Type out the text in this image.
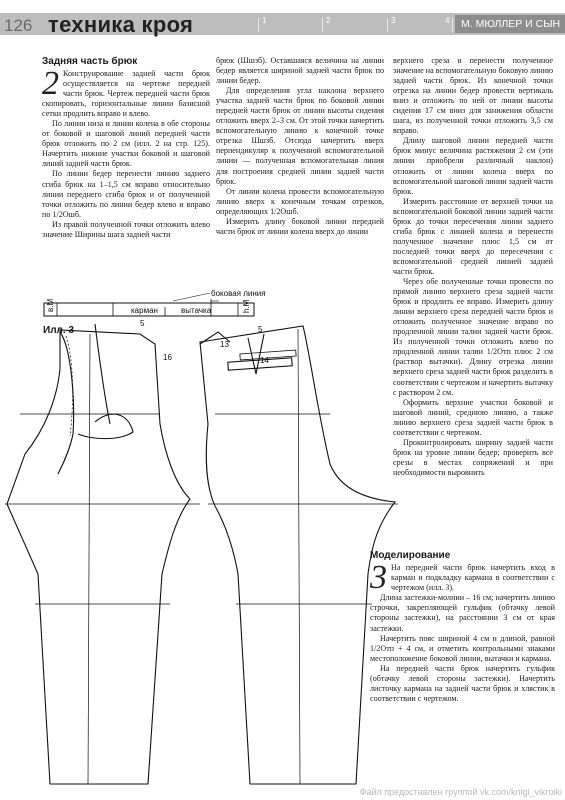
126 техника кроя	1	2	3	4	М. МЮЛЛЕР И СЫН
Задняя часть брюк

2 Конструирование задней части брюк осуществляется на чертеже передней части брюк. Чертеж передней части брюк скопировать, горизонтальные линии базисной сетки продлить вправо и влево.

По линии низа и линии колена в обе стороны от боковой и шаговой линий передней части брюк отложить по 2 см (илл. 2 на стр. 125). Начертить нижние участки боковой и шаговой линий задней части брюк.

По линии бедер перенести линию заднего сгиба брюк на 1–1,5 см вправо относительно линии переднего сгиба брюк и от полученной точки отложить по линии бедер влево и вправо по 1/2Ошб.

Из правой полученной точки отложить влево значение Ширины шага задней части

брюк (Шшзб). Оставшаяся величина на линии бедер является шириной задней части брюк по линии бедер.

Для определения угла наклона верхнего участка задней части брюк по боковой линии передней части брюк от линии высоты сидения отложить вверх 2–3 см. От этой точки начертить вспомогательную линию к конечной точке отрезка Шшзб. Отсюда начертить вверх перпендикуляр к полученной вспомогательной линии — полученная вспомогательная линия для построения средней линии задней части брюк.

От линии колена провести вспомогательную линию вверх к конечным точкам отрезков, определяющих 1/2Ошб.

Измерить длину боковой линии передней части брюк от линии колена вверх до линии

верхнего среза и перенести полученное значение на вспомогательную боковую линию задней части брюк. Из конечной точки отрезка на линии бедер провести вертикаль вниз и отложить по ней от линии высоты сидения 17 см вниз для занижения области шага, из полученной точки отложить 3,5 см вправо.

Длину шаговой линии передней части брюк минус величина растяжения 2 см (эти линии приобрели различный наклон) отложить от линии колена вверх по вспомогательной шаговой линии задней части брюк.

Измерить расстояние от верхней точки на вспомогательной боковой линии задней части брюк до точки пересечения линии заднего сгиба брюк с линией колена и перенести полученное значение плюс 1,5 см от последней точки вверх до пересечения с вспомогательной средней линией задней части брюк.

Через обе полученные точки провести по прямой линию верхнего среза задней части брюк и продлить ее вправо. Измерить длину линии верхнего среза передней части брюк и отложить полученное значение вправо по продленной линии талии задней части брюк. Из полученной точки отложить влево по продленной линии талии 1/2Отп плюс 2 см (раствор вытачки). Длину отрезка линии верхнего среза задней части брюк разделить в соответствии с чертежом и начертить вытачку с раствором 2 см.

Оформить верхние участки боковой и шаговой линий, среднюю линию, а также линию верхнего среза задней части брюк в соответствии с чертежом.

Проконтролировать ширину задней части брюк на уровне линии бедер; проверить все срезы в местах сопряжений и при необходимости выровнить

в.М	h.М
карман	вытачка
боковая линия
Илл. 3
5
16
5
13
14
Моделирование

3 На передней части брюк начертить вход в карман и подкладку кармана в соответствии с чертежом (илл. 3).

Длина застежки-молнии – 16 см; начертить линию строчки, закрепляющей гульфик (обтачку левой стороны застежки), на расстоянии 3 см от края застежки.

Начертить пояс шириной 4 см и длиной, равной 1/2Отп + 4 см, и отметить контрольными знаками местоположение боковой линии, вытачки и кармана.

На передней части брюк начертить гульфик (обтачку левой стороны застежки). Начертить листочку кармана на задней части брюк и хлястик в соответствии с чертежом.

Файл предоставлен группой vk.com/knigi_vikroiki
